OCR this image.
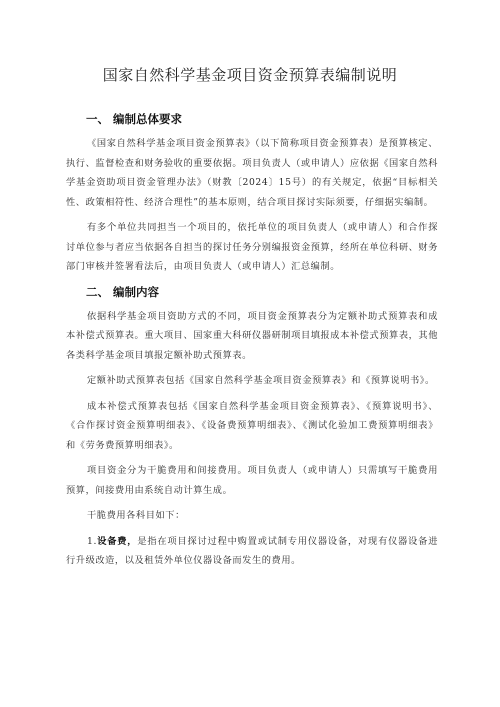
国家自然科学基金项目资金预算表编制说明
一、 编制总体要求

《国家自然科学基金项目资金预算表》（以下简称项目资金预算表）是预算核定、执行、监督检查和财务验收的重要依据。项目负责人（或申请人）应依据《国家自然科学基金资助项目资金管理办法》（财教〔2024〕15号）的有关规定，依据“目标相关性、政策相符性、经济合理性”的基本原则，结合项目探讨实际须要，仔细据实编制。

有多个单位共同担当一个项目的，依托单位的项目负责人（或申请人）和合作探讨单位参与者应当依据各自担当的探讨任务分别编报资金预算，经所在单位科研、财务部门审核并签署看法后，由项目负责人（或申请人）汇总编制。

二、 编制内容

依据科学基金项目资助方式的不同，项目资金预算表分为定额补助式预算表和成本补偿式预算表。重大项目、国家重大科研仪器研制项目填报成本补偿式预算表，其他各类科学基金项目填报定额补助式预算表。

定额补助式预算表包括《国家自然科学基金项目资金预算表》和《预算说明书》。

成本补偿式预算表包括《国家自然科学基金项目资金预算表》、《预算说明书》、《合作探讨资金预算明细表》、《设备费预算明细表》、《测试化验加工费预算明细表》和《劳务费预算明细表》。

项目资金分为干脆费用和间接费用。项目负责人（或申请人）只需填写干脆费用预算，间接费用由系统自动计算生成。

干脆费用各科目如下：

1.设备费，是指在项目探讨过程中购置或试制专用仪器设备，对现有仪器设备进行升级改造，以及租赁外单位仪器设备而发生的费用。
